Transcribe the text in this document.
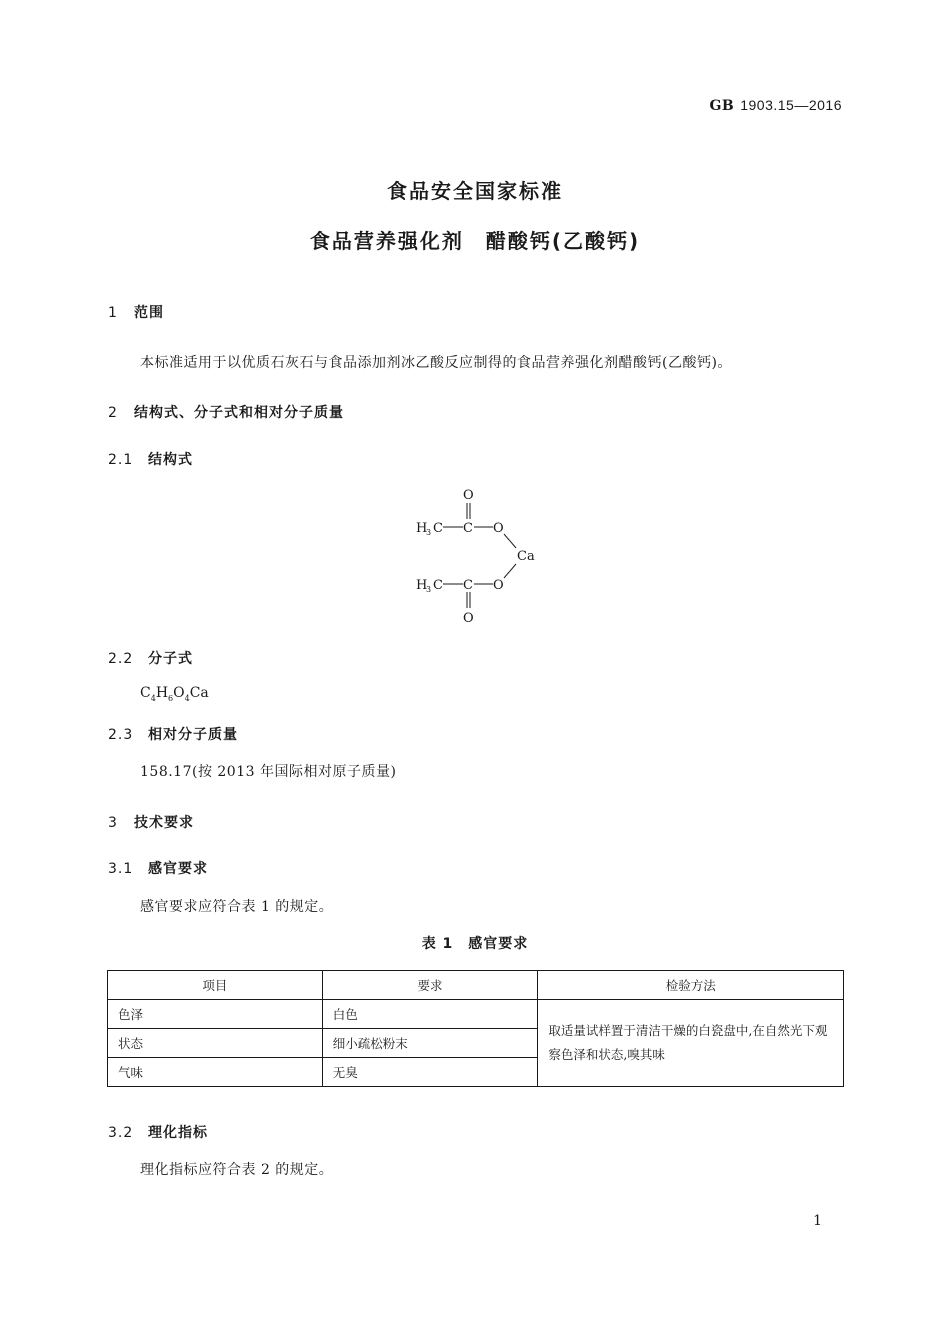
GB 1903.15—2016
食品安全国家标准
食品营养强化剂　醋酸钙(乙酸钙)
1 范围
本标准适用于以优质石灰石与食品添加剂冰乙酸反应制得的食品营养强化剂醋酸钙(乙酸钙)。
2 结构式、分子式和相对分子质量
2.1 结构式
O
H
3 C C O
Ca
H
3 C C O
O
2.2 分子式
$C_4H_6O_4Ca$
2.3 相对分子质量
158.17(按 2013 年国际相对原子质量)
3 技术要求
3.1 感官要求
感官要求应符合表 1 的规定。
表 1　感官要求
项目	要求	检验方法
色泽	白色	取适量试样置于清洁干燥的白瓷盘中,在自然光下观察色泽和状态,嗅其味
状态	细小疏松粉末	
气味	无臭	
3.2 理化指标
理化指标应符合表 2 的规定。
1
